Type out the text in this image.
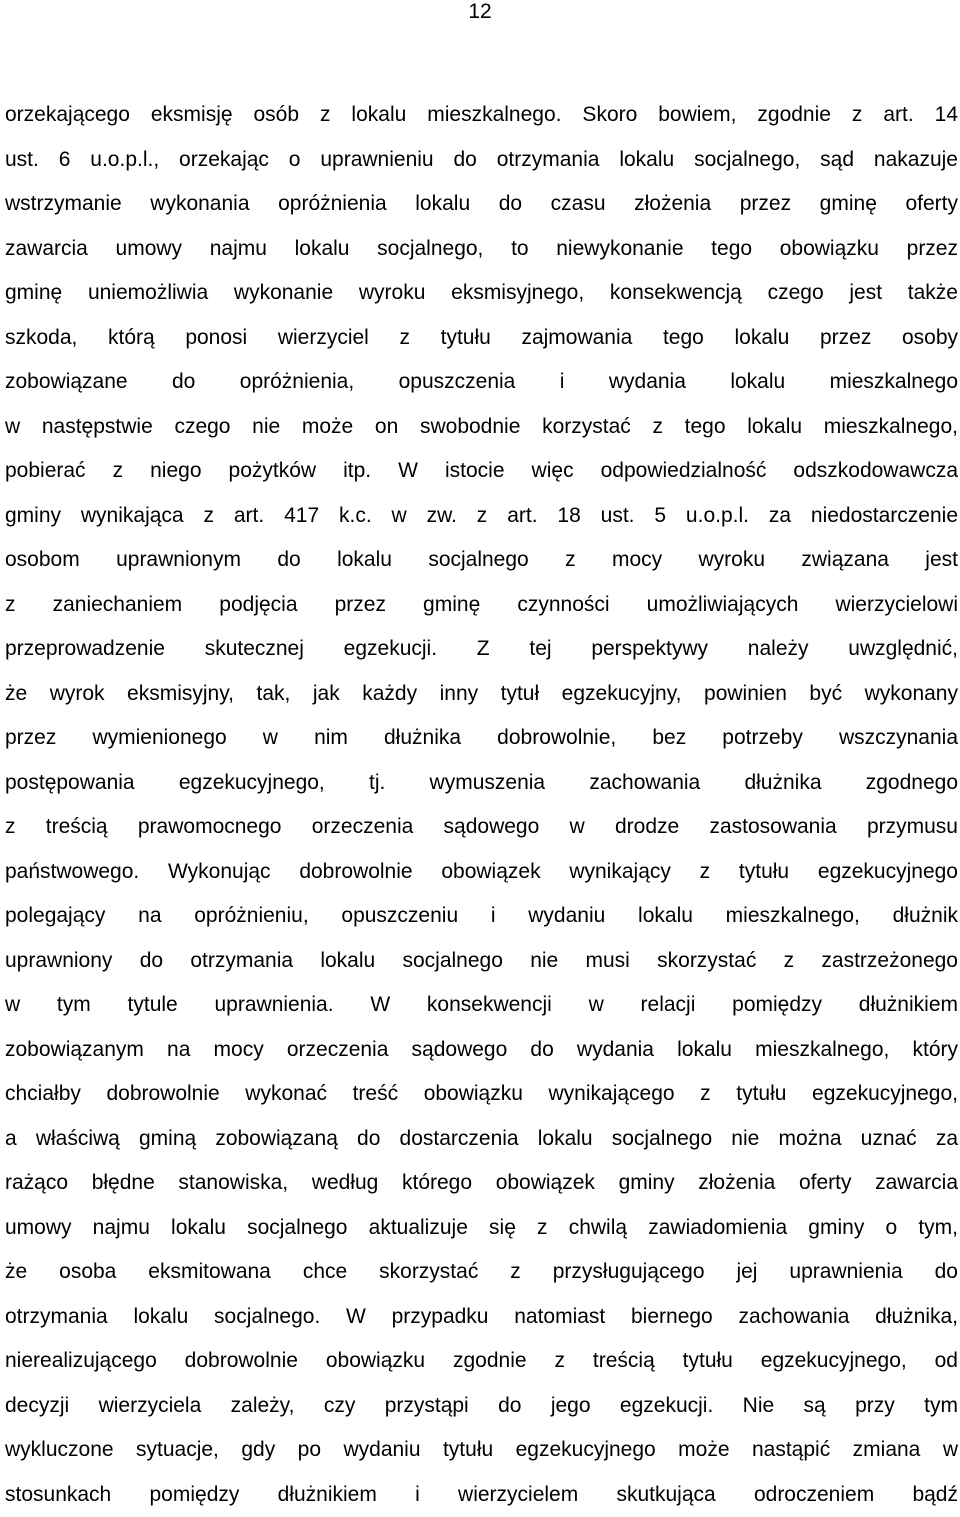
12
orzekającego eksmisję osób z lokalu mieszkalnego. Skoro bowiem, zgodnie z art. 14
ust. 6 u.o.p.l., orzekając o uprawnieniu do otrzymania lokalu socjalnego, sąd nakazuje
wstrzymanie wykonania opróżnienia lokalu do czasu złożenia przez gminę oferty
zawarcia umowy najmu lokalu socjalnego, to niewykonanie tego obowiązku przez
gminę uniemożliwia wykonanie wyroku eksmisyjnego, konsekwencją czego jest także
szkoda, którą ponosi wierzyciel z tytułu zajmowania tego lokalu przez osoby
zobowiązane do opróżnienia, opuszczenia i wydania lokalu mieszkalnego
w następstwie czego nie może on swobodnie korzystać z tego lokalu mieszkalnego,
pobierać z niego pożytków itp. W istocie więc odpowiedzialność odszkodowawcza
gminy wynikająca z art. 417 k.c. w zw. z art. 18 ust. 5 u.o.p.l. za niedostarczenie
osobom uprawnionym do lokalu socjalnego z mocy wyroku związana jest
z zaniechaniem podjęcia przez gminę czynności umożliwiających wierzycielowi
przeprowadzenie skutecznej egzekucji. Z tej perspektywy należy uwzględnić,
że wyrok eksmisyjny, tak, jak każdy inny tytuł egzekucyjny, powinien być wykonany
przez wymienionego w nim dłużnika dobrowolnie, bez potrzeby wszczynania
postępowania egzekucyjnego, tj. wymuszenia zachowania dłużnika zgodnego
z treścią prawomocnego orzeczenia sądowego w drodze zastosowania przymusu
państwowego. Wykonując dobrowolnie obowiązek wynikający z tytułu egzekucyjnego
polegający na opróżnieniu, opuszczeniu i wydaniu lokalu mieszkalnego, dłużnik
uprawniony do otrzymania lokalu socjalnego nie musi skorzystać z zastrzeżonego
w tym tytule uprawnienia. W konsekwencji w relacji pomiędzy dłużnikiem
zobowiązanym na mocy orzeczenia sądowego do wydania lokalu mieszkalnego, który
chciałby dobrowolnie wykonać treść obowiązku wynikającego z tytułu egzekucyjnego,
a właściwą gminą zobowiązaną do dostarczenia lokalu socjalnego nie można uznać za
rażąco błędne stanowiska, według którego obowiązek gminy złożenia oferty zawarcia
umowy najmu lokalu socjalnego aktualizuje się z chwilą zawiadomienia gminy o tym,
że osoba eksmitowana chce skorzystać z przysługującego jej uprawnienia do
otrzymania lokalu socjalnego. W przypadku natomiast biernego zachowania dłużnika,
nierealizującego dobrowolnie obowiązku zgodnie z treścią tytułu egzekucyjnego, od
decyzji wierzyciela zależy, czy przystąpi do jego egzekucji. Nie są przy tym
wykluczone sytuacje, gdy po wydaniu tytułu egzekucyjnego może nastąpić zmiana w
stosunkach pomiędzy dłużnikiem i wierzycielem skutkująca odroczeniem bądź
